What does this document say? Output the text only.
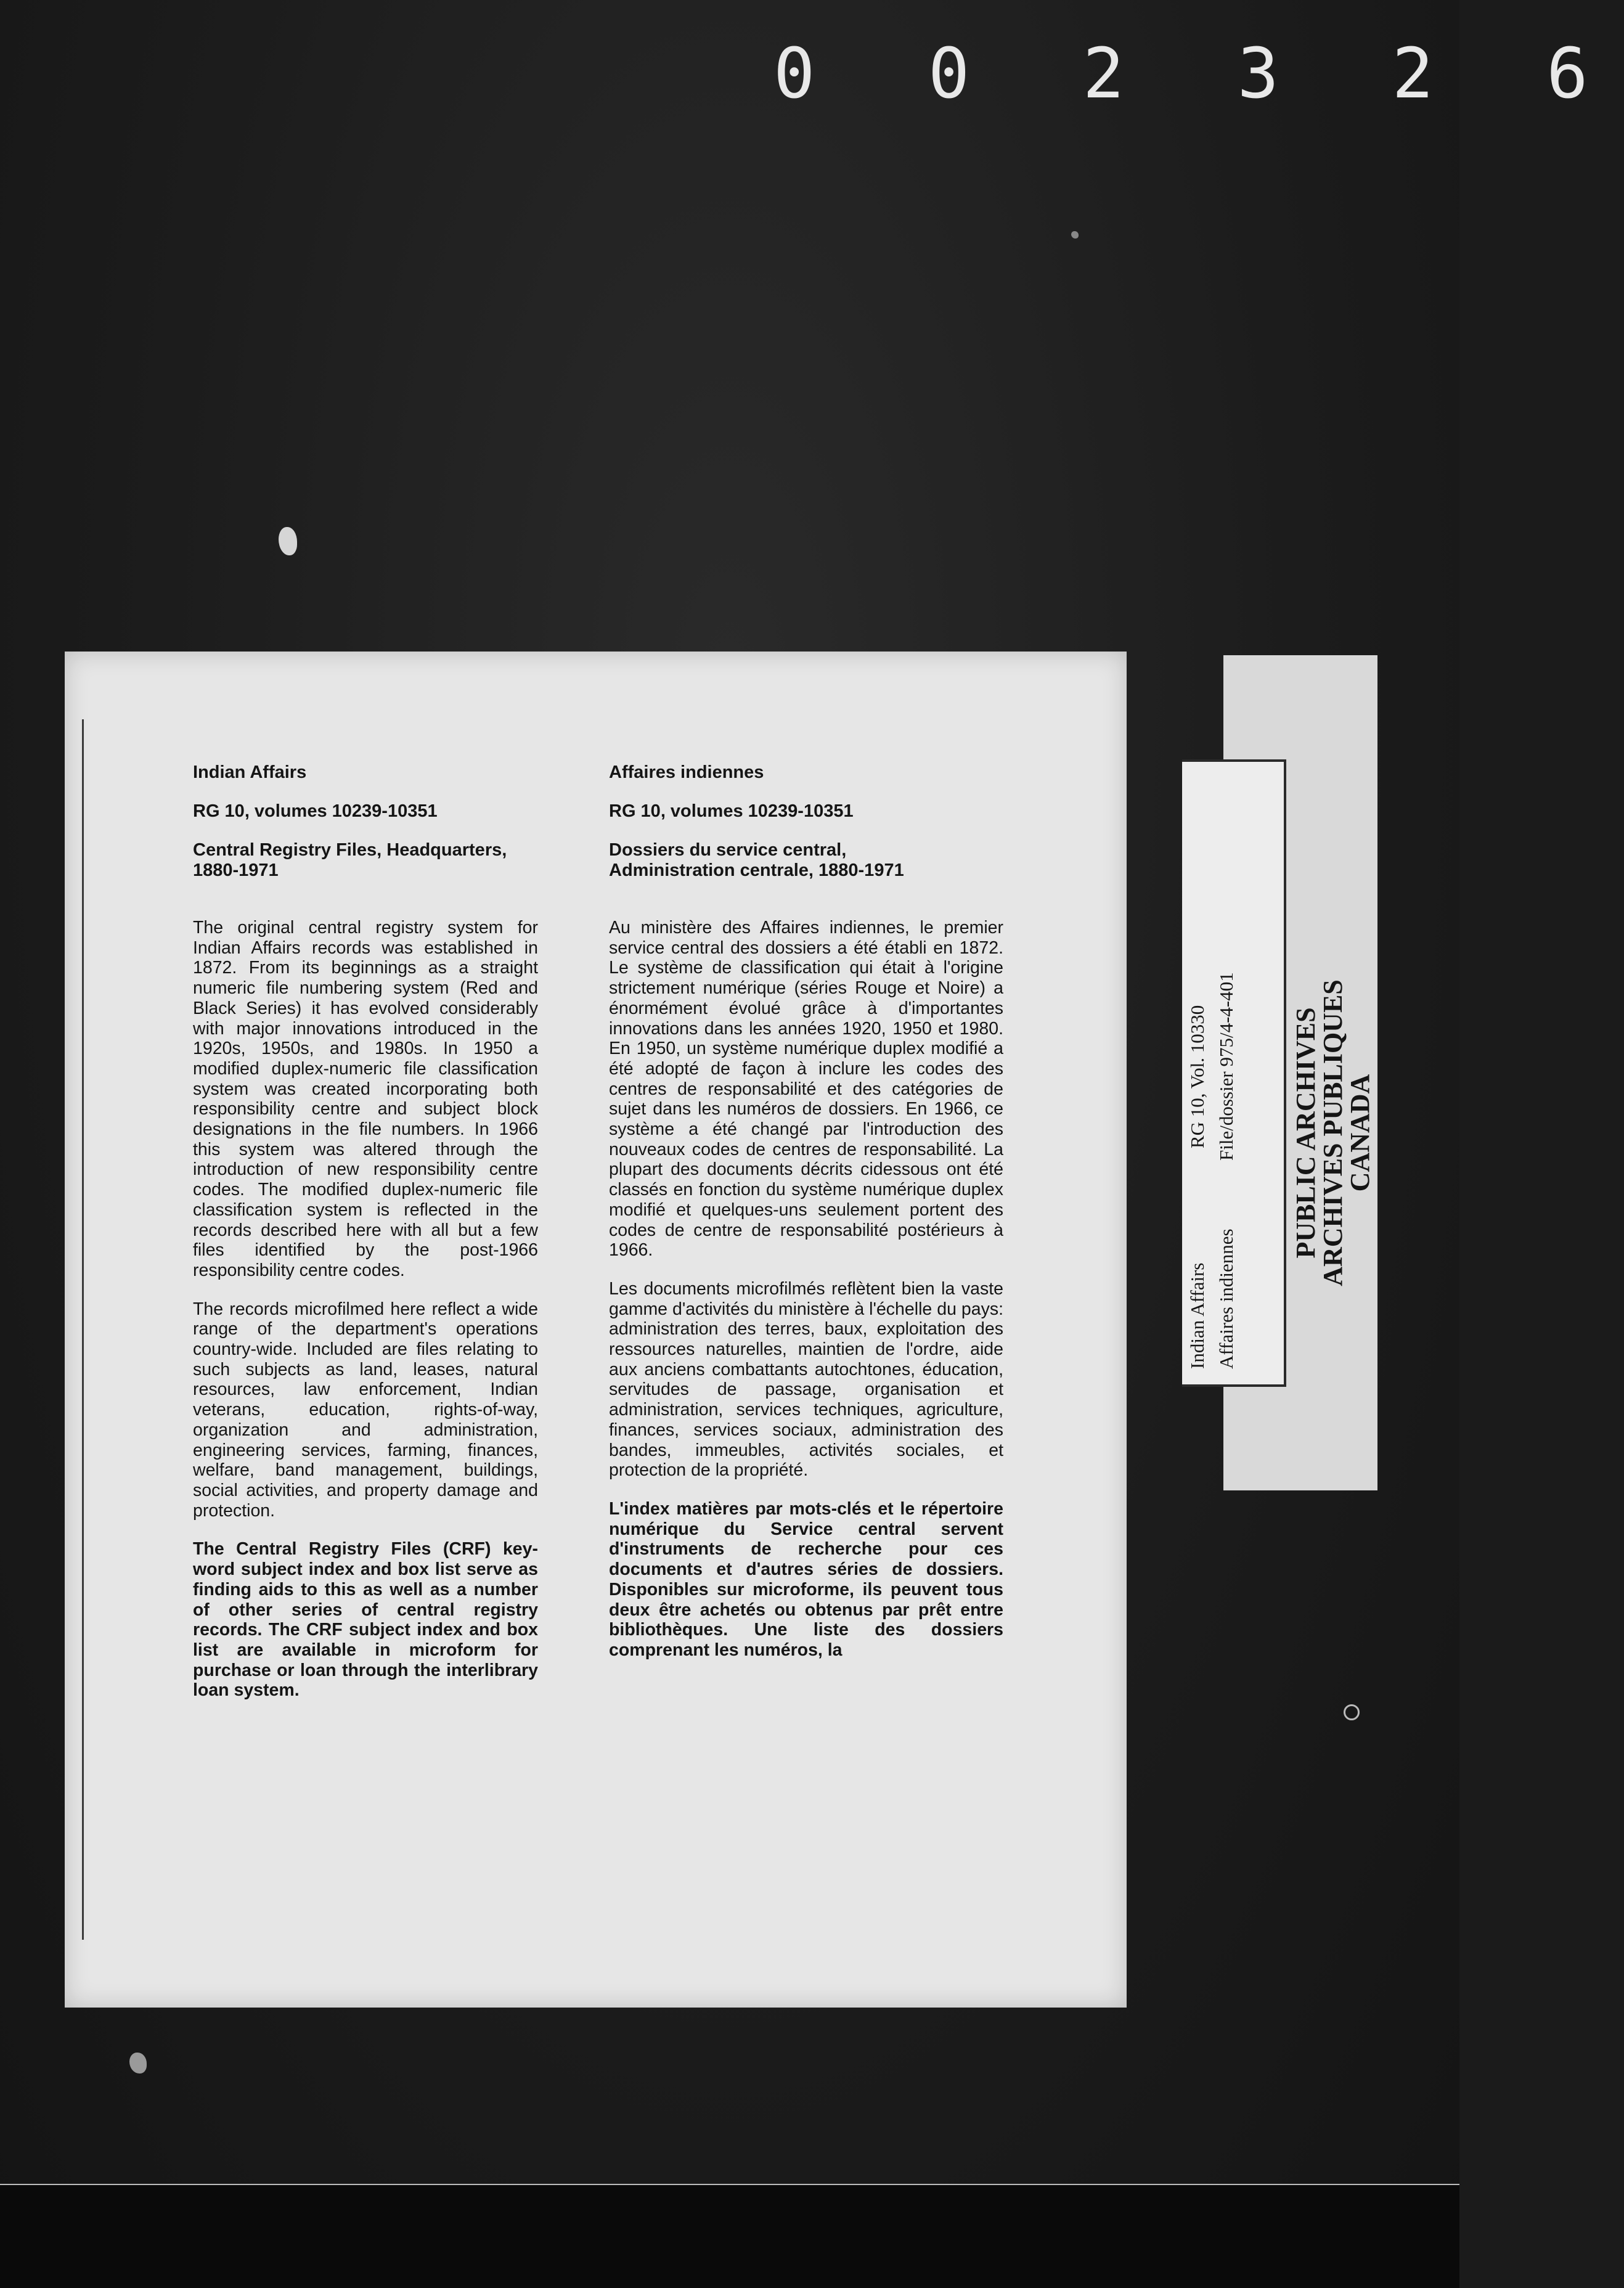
0 0 2 3 2 6
Indian Affairs
RG 10, volumes 10239-10351
Central Registry Files, Headquarters,
1880-1971

The original central registry system for Indian Affairs records was established in 1872. From its beginnings as a straight numeric file numbering system (Red and Black Series) it has evolved considerably with major innovations introduced in the 1920s, 1950s, and 1980s. In 1950 a modified duplex-numeric file classification system was created incorporating both responsibility centre and subject block designations in the file numbers. In 1966 this system was altered through the introduction of new responsibility centre codes. The modified duplex-numeric file classification system is reflected in the records described here with all but a few files identified by the post-1966 responsibility centre codes.

The records microfilmed here reflect a wide range of the department's operations country-wide. Included are files relating to such subjects as land, leases, natural resources, law enforcement, Indian veterans, education, rights-of-way, organization and administration, engineering services, farming, finances, welfare, band management, buildings, social activities, and property damage and protection.

The Central Registry Files (CRF) key-word subject index and box list serve as finding aids to this as well as a number of other series of central registry records. The CRF subject index and box list are available in microform for purchase or loan through the interlibrary loan system.

Affaires indiennes
RG 10, volumes 10239-10351
Dossiers du service central,
Administration centrale, 1880-1971

Au ministère des Affaires indiennes, le premier service central des dossiers a été établi en 1872. Le système de classification qui était à l'origine strictement numérique (séries Rouge et Noire) a énormément évolué grâce à d'importantes innovations dans les années 1920, 1950 et 1980. En 1950, un système numérique duplex modifié a été adopté de façon à inclure les codes des centres de responsabilité et des catégories de sujet dans les numéros de dossiers. En 1966, ce système a été changé par l'introduction des nouveaux codes de centres de responsabilité. La plupart des documents décrits cidessous ont été classés en fonction du système numérique duplex modifié et quelques-uns seulement portent des codes de centre de responsabilité postérieurs à 1966.

Les documents microfilmés reflètent bien la vaste gamme d'activités du ministère à l'échelle du pays: administration des terres, baux, exploitation des ressources naturelles, maintien de l'ordre, aide aux anciens combattants autochtones, éducation, servitudes de passage, organisation et administration, services techniques, agriculture, finances, services sociaux, administration des bandes, immeubles, activités sociales, et protection de la propriété.

L'index matières par mots-clés et le répertoire numérique du Service central servent d'instruments de recherche pour ces documents et d'autres séries de dossiers. Disponibles sur microforme, ils peuvent tous deux être achetés ou obtenus par prêt entre bibliothèques. Une liste des dossiers comprenant les numéros, la

PUBLIC ARCHIVES
ARCHIVES PUBLIQUES
CANADA
Indian Affairs  RG 10, Vol. 10330
Affaires indiennes  File/dossier 975/4-4-401
